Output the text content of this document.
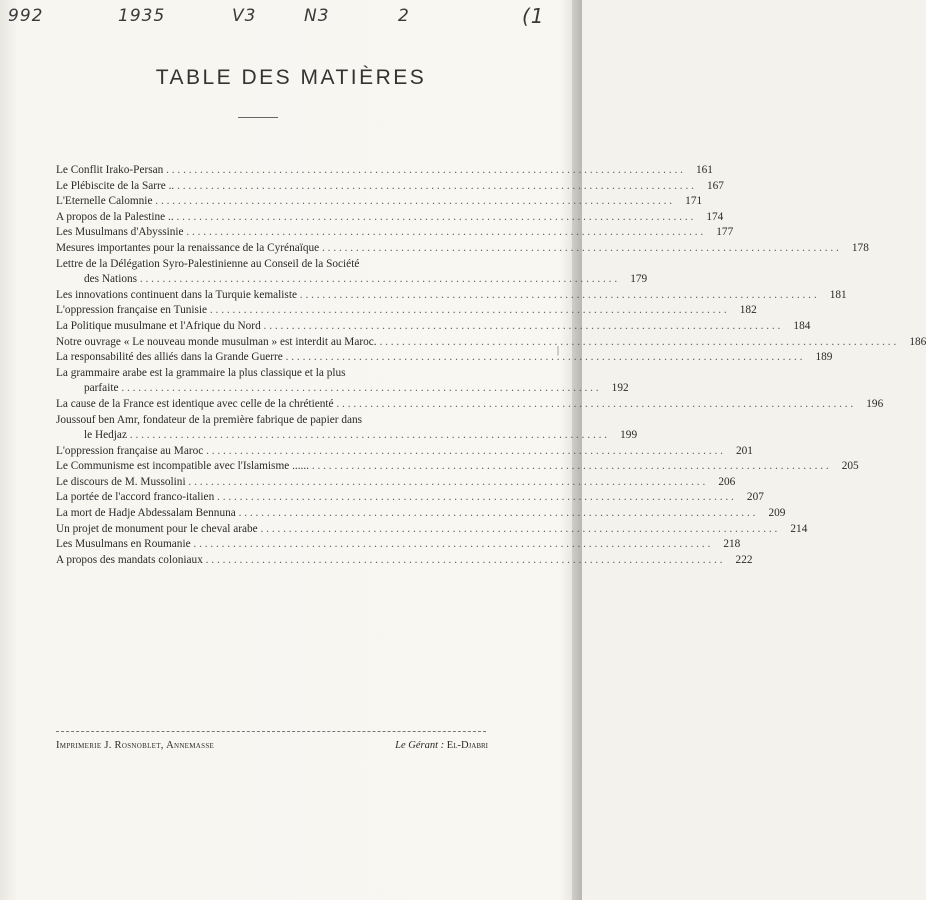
992	1935	V3	N3	2	(1
TABLE DES MATIÈRES
Le Conflit Irako-Persan . . .	161
Le Plébiscite de la Sarre .. . . .	167
L'Eternelle Calomnie . . .	171
A propos de la Palestine .. . . .	174
Les Musulmans d'Abyssinie . . .	177
Mesures importantes pour la renaissance de la Cyrénaïque . . .	178
Lettre de la Délégation Syro-Palestinienne au Conseil de la Société
des Nations . . .	179
Les innovations continuent dans la Turquie kemaliste . . .	181
L'oppression française en Tunisie . . .	182
La Politique musulmane et l'Afrique du Nord . . .	184
Notre ouvrage « Le nouveau monde musulman » est interdit au Maroc. . . .	186
La responsabilité des alliés dans la Grande Guerre . . .	189
La grammaire arabe est la grammaire la plus classique et la plus
parfaite . . .	192
La cause de la France est identique avec celle de la chrétienté . . .	196
Joussouf ben Amr, fondateur de la première fabrique de papier dans
le Hedjaz . . .	199
L'oppression française au Maroc . . .	201
Le Communisme est incompatible avec l'Islamisme ...... . . .	205
Le discours de M. Mussolini . . .	206
La portée de l'accord franco-italien . . .	207
La mort de Hadje Abdessalam Bennuna . . .	209
Un projet de monument pour le cheval arabe . . .	214
Les Musulmans en Roumanie . . .	218
A propos des mandats coloniaux . . .	222
Imprimerie J. Rosnoblet, Annemasse	Le Gérant : El-Djabri
|
